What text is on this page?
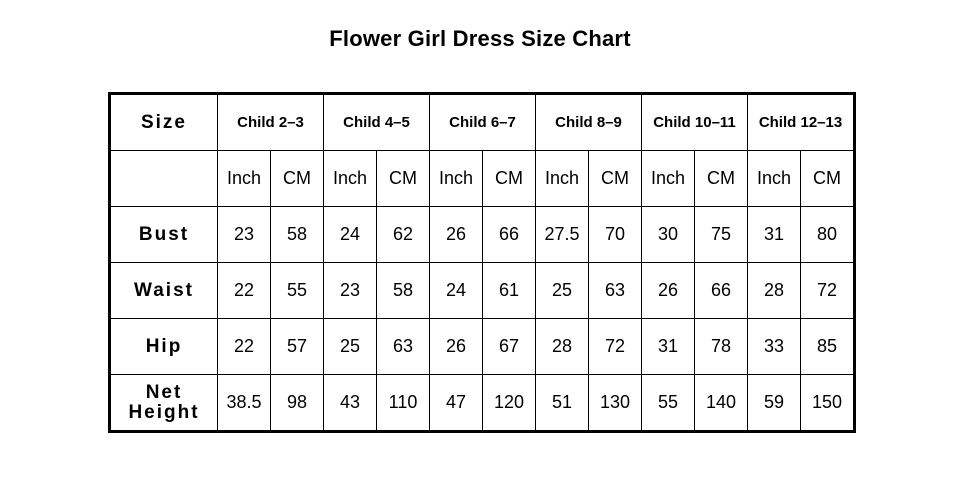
Flower Girl Dress Size Chart
Size	Child 2–3		Child 4–5		Child 6–7		Child 8–9		Child 10–11		Child 12–13	
	Inch	CM	Inch	CM	Inch	CM	Inch	CM	Inch	CM	Inch	CM
Bust	23	58	24	62	26	66	27.5	70	30	75	31	80
Waist	22	55	23	58	24	61	25	63	26	66	28	72
Hip	22	57	25	63	26	67	28	72	31	78	33	85

Net
Height	38.5	98	43	110	47	120	51	130	55	140	59	150
